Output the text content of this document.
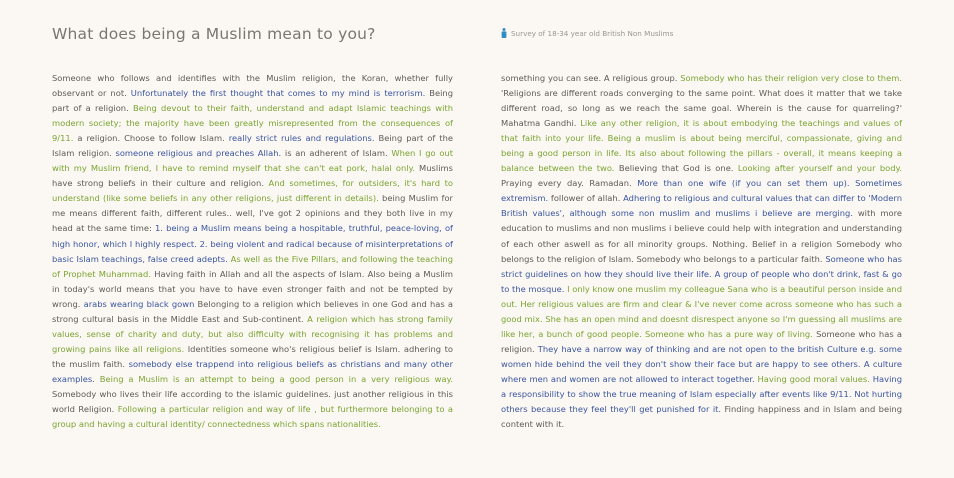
What does being a Muslim mean to you?	Survey of 18-34 year old British Non Muslims
Someone who follows and identifies with the Muslim religion, the Koran, whether fully observant or not. Unfortunately the first thought that comes to my mind is terrorism. Being part of a religion. Being devout to their faith, understand and adapt Islamic teachings with modern society; the majority have been greatly misrepresented from the consequences of 9/11. a religion. Choose to follow Islam. really strict rules and regulations. Being part of the Islam religion. someone religious and preaches Allah. is an adherent of Islam. When I go out with my Muslim friend, I have to remind myself that she can't eat pork, halal only. Muslims have strong beliefs in their culture and religion. And sometimes, for outsiders, it's hard to understand (like some beliefs in any other religions, just different in details). being Muslim for me means different faith, different rules.. well, I've got 2 opinions and they both live in my head at the same time: 1. being a Muslim means being a hospitable, truthful, peace-loving, of high honor, which I highly respect. 2. being violent and radical because of misinterpretations of basic Islam teachings, false creed adepts. As well as the Five Pillars, and following the teaching of Prophet Muhammad. Having faith in Allah and all the aspects of Islam. Also being a Muslim in today's world means that you have to have even stronger faith and not be tempted by wrong. arabs wearing black gown Belonging to a religion which believes in one God and has a strong cultural basis in the Middle East and Sub-continent. A religion which has strong family values, sense of charity and duty, but also difficulty with recognising it has problems and growing pains like all religions. Identities someone who's religious belief is Islam. adhering to the muslim faith. somebody else trappend into religious beliefs as christians and many other examples. Being a Muslim is an attempt to being a good person in a very religious way. Somebody who lives their life according to the islamic guidelines. just another religious in this world Religion. Following a particular religion and way of life , but furthermore belonging to a group and having a cultural identity/ connectedness which spans nationalities.
something you can see. A religious group. Somebody who has their religion very close to them. 'Religions are different roads converging to the same point. What does it matter that we take different road, so long as we reach the same goal. Wherein is the cause for quarreling?' Mahatma Gandhi. Like any other religion, it is about embodying the teachings and values of that faith into your life. Being a muslim is about being merciful, compassionate, giving and being a good person in life. Its also about following the pillars - overall, it means keeping a balance between the two. Believing that God is one. Looking after yourself and your body. Praying every day. Ramadan. More than one wife (if you can set them up). Sometimes extremism. follower of allah. Adhering to religious and cultural values that can differ to 'Modern British values', although some non muslim and muslims i believe are merging. with more education to muslims and non muslims i believe could help with integration and understanding of each other aswell as for all minority groups. Nothing. Belief in a religion Somebody who belongs to the religion of Islam. Somebody who belongs to a particular faith. Someone who has strict guidelines on how they should live their life. A group of people who don't drink, fast & go to the mosque. I only know one muslim my colleague Sana who is a beautiful person inside and out. Her religious values are firm and clear & I've never come across someone who has such a good mix. She has an open mind and doesnt disrespect anyone so I'm guessing all muslims are like her, a bunch of good people. Someone who has a pure way of living. Someone who has a religion. They have a narrow way of thinking and are not open to the british Culture e.g. some women hide behind the veil they don't show their face but are happy to see others. A culture where men and women are not allowed to interact together. Having good moral values. Having a responsibility to show the true meaning of Islam especially after events like 9/11. Not hurting others because they feel they'll get punished for it. Finding happiness and in Islam and being content with it.
